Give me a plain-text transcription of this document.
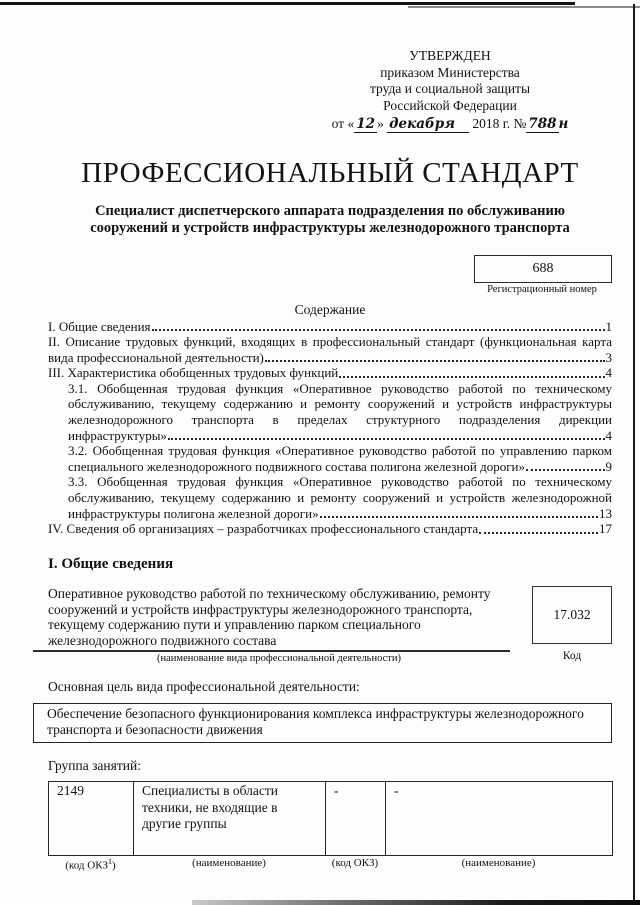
УТВЕРЖДЕН
приказом Министерства
труда и социальной защиты
Российской Федерации
от « 12 » декабря 2018 г. № 788 н
ПРОФЕССИОНАЛЬНЫЙ СТАНДАРТ
Специалист диспетчерского аппарата подразделения по обслуживанию
сооружений и устройств инфраструктуры железнодорожного транспорта
688
Регистрационный номер
Содержание
I. Общие сведения	1
II. Описание трудовых функций, входящих в профессиональный стандарт (функциональная карта
вида профессиональной деятельности)	3
III. Характеристика обобщенных трудовых функций	4
3.1. Обобщенная трудовая функция «Оперативное руководство работой по техническому
обслуживанию, текущему содержанию и ремонту сооружений и устройств инфраструктуры
железнодорожного транспорта в пределах структурного подразделения дирекции
инфраструктуры»	4
3.2. Обобщенная трудовая функция «Оперативное руководство работой по управлению парком
специального железнодорожного подвижного состава полигона железной дороги»	9
3.3. Обобщенная трудовая функция «Оперативное руководство работой по техническому
обслуживанию, текущему содержанию и ремонту сооружений и устройств железнодорожной
инфраструктуры полигона железной дороги»	13
IV. Сведения об организациях – разработчиках профессионального стандарта	17
I. Общие сведения
Оперативное руководство работой по техническому обслуживанию, ремонту
сооружений и устройств инфраструктуры железнодорожного транспорта,
текущему содержанию пути и управлению парком специального
железнодорожного подвижного состава
(наименование вида профессиональной деятельности)
17.032
Код
Основная цель вида профессиональной деятельности:
Обеспечение безопасного функционирования комплекса инфраструктуры железнодорожного
транспорта и безопасности движения
Группа занятий:
2149	Специалисты в области техники, не входящие в другие группы	-	-
(код ОКЗ$^1$)	(наименование)	(код ОКЗ)	(наименование)
